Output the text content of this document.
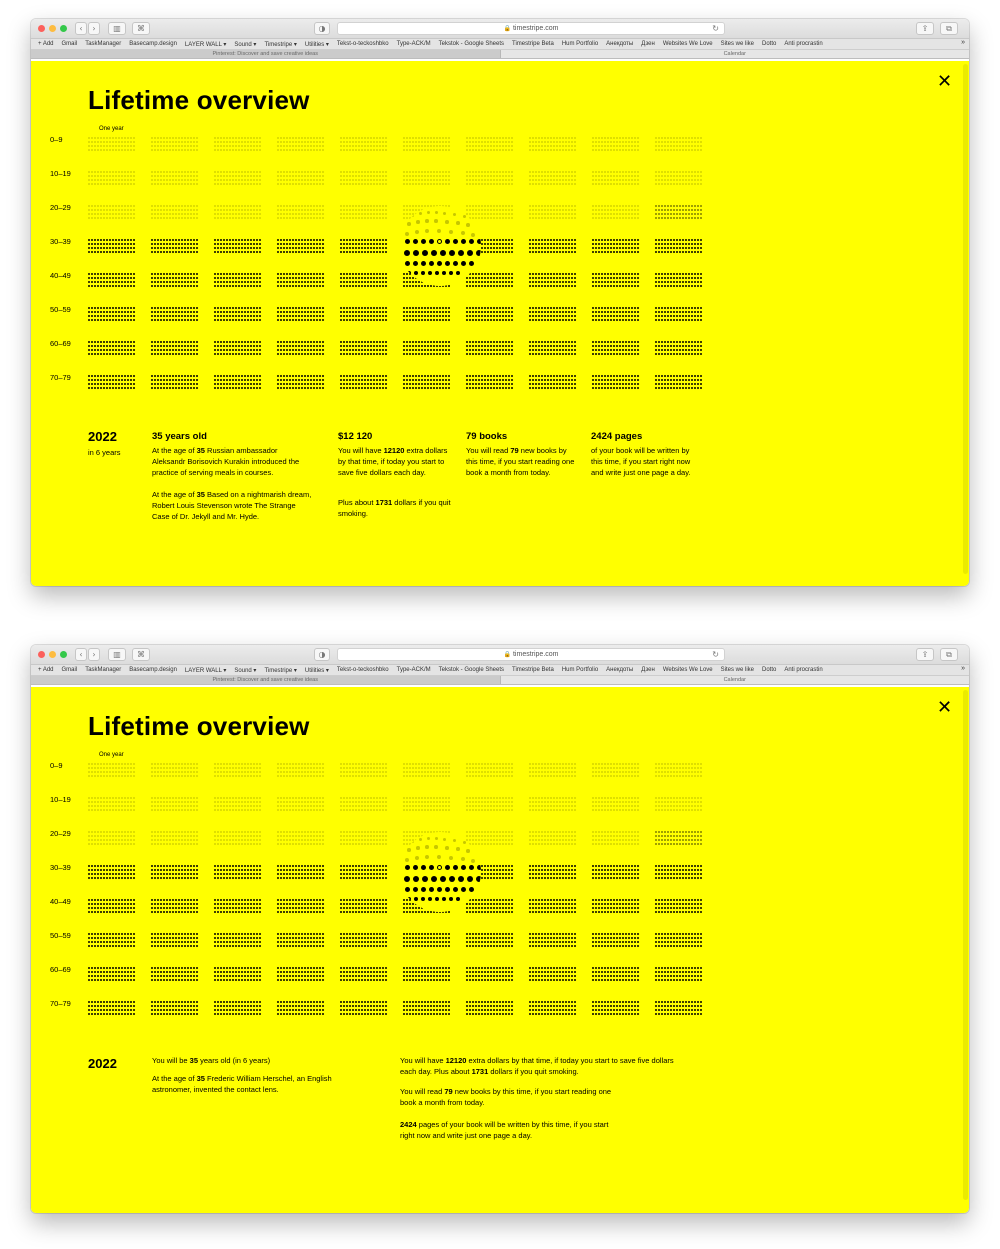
‹	›	▥	⌘	◑	🔒 timestripe.com	↻	⇪	⧉
+ Add Gmail TaskManager Basecamp.design LAYER WALL ▾ Sound ▾ Timestripe ▾ Utilities ▾ Tekst-o-teckoshbko Type-ACK/M Tekstok - Google Sheets Timestripe Beta Hum Portfolio Анекдоты Дзен Websites We Love Sites we like Dotto Anti procrastin	»
Pinterest: Discover and save creative ideas	Calendar
✕
Lifetime overview
One year
0–9
10–19
20–29
30–39
40–49
50–59
60–69
70–79
2022
in 6 years
35 years old
At the age of 35 Russian ambassador Aleksandr Borisovich Kurakin introduced the practice of serving meals in courses.
At the age of 35 Based on a nightmarish dream, Robert Louis Stevenson wrote The Strange Case of Dr. Jekyll and Mr. Hyde.
$12 120
You will have 12120 extra dollars by that time, if today you start to save five dollars each day.
Plus about 1731 dollars if you quit smoking.
79 books
You will read 79 new books by this time, if you start reading one book a month from today.
2424 pages
of your book will be written by this time, if you start right now and write just one page a day.
‹	›	▥	⌘	◑	🔒 timestripe.com	↻	⇪	⧉
+ Add Gmail TaskManager Basecamp.design LAYER WALL ▾ Sound ▾ Timestripe ▾ Utilities ▾ Tekst-o-teckoshbko Type-ACK/M Tekstok - Google Sheets Timestripe Beta Hum Portfolio Анекдоты Дзен Websites We Love Sites we like Dotto Anti procrastin	»
Pinterest: Discover and save creative ideas	Calendar
✕
Lifetime overview
One year
0–9
10–19
20–29
30–39
40–49
50–59
60–69
70–79
2022	You will be 35 years old (in 6 years)
At the age of 35 Frederic William Herschel, an English astronomer, invented the contact lens.
You will have 12120 extra dollars by that time, if today you start to save five dollars each day. Plus about 1731 dollars if you quit smoking.
You will read 79 new books by this time, if you start reading one book a month from today.
2424 pages of your book will be written by this time, if you start right now and write just one page a day.
